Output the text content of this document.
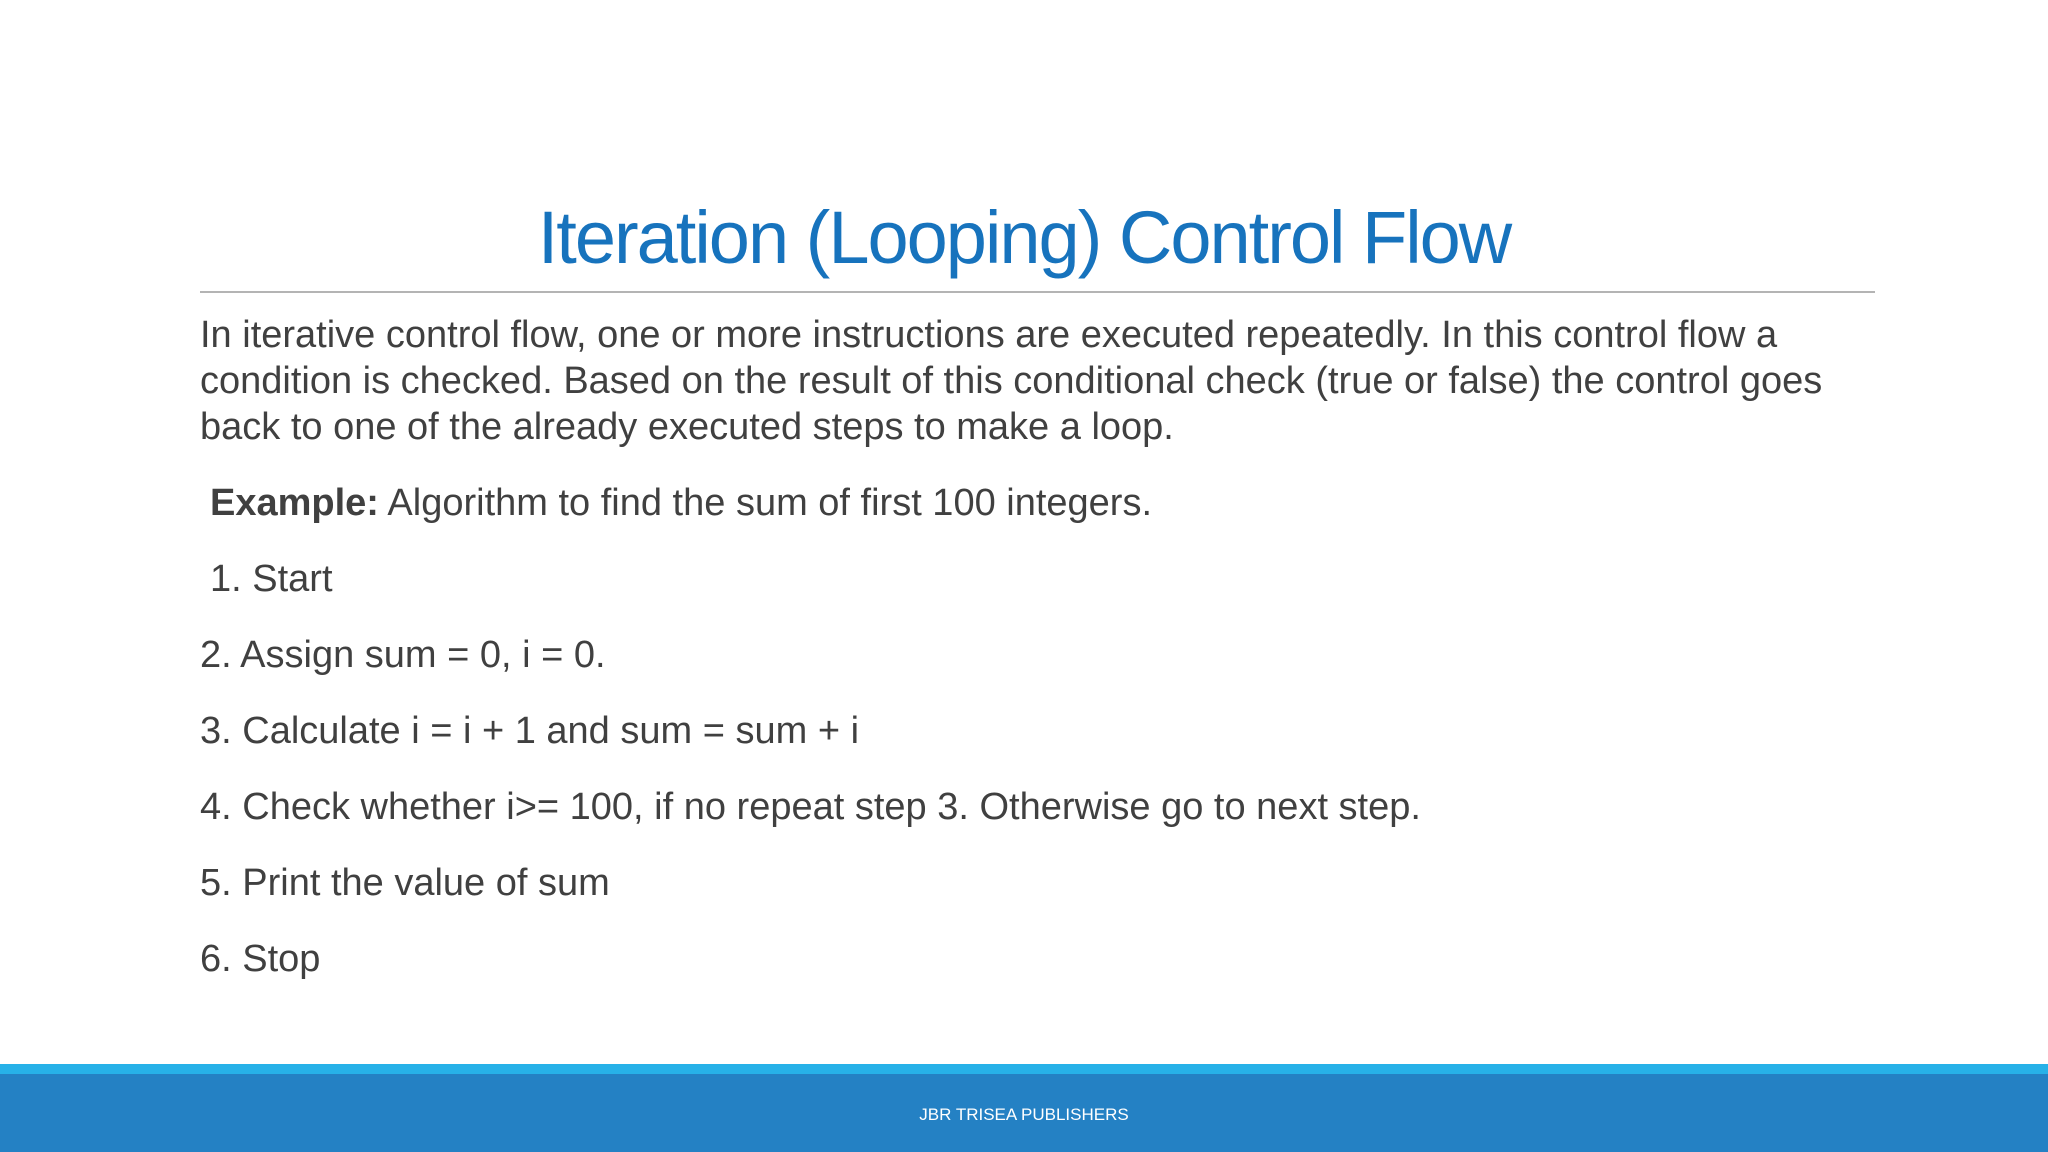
Iteration (Looping) Control Flow

In iterative control flow, one or more instructions are executed repeatedly. In this control flow a condition is checked. Based on the result of this conditional check (true or false) the control goes back to one of the already executed steps to make a loop.

Example: Algorithm to find the sum of first 100 integers.

1. Start

2. Assign sum = 0, i = 0.

3. Calculate i = i + 1 and sum = sum + i

4. Check whether i>= 100, if no repeat step 3. Otherwise go to next step.

5. Print the value of sum

6. Stop

JBR TRISEA PUBLISHERS
